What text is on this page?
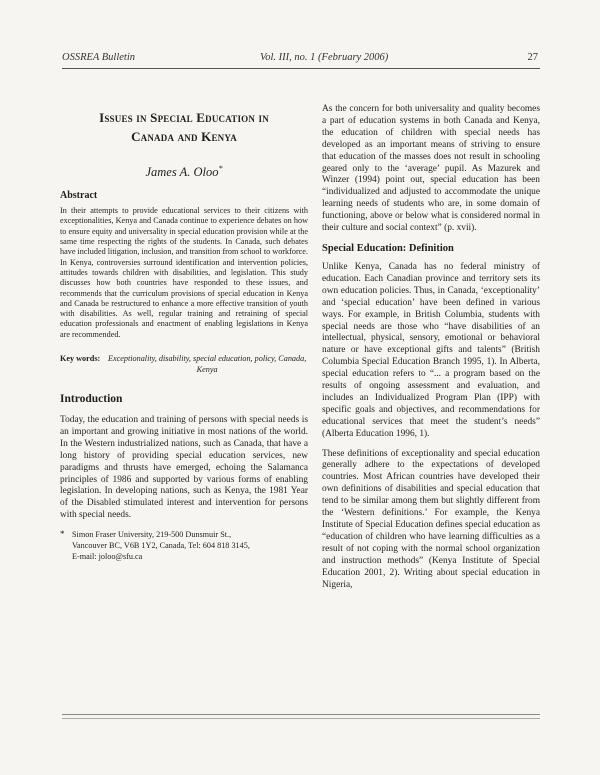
OSSREA Bulletin	Vol. III, no. 1 (February 2006)	27
Issues in Special Education in
Canada and Kenya
James A. Oloo*
Abstract

In their attempts to provide educational services to their citizens with exceptionalities, Kenya and Canada continue to experience debates on how to ensure equity and universality in special education provision while at the same time respecting the rights of the students. In Canada, such debates have included litigation, inclusion, and transition from school to workforce. In Kenya, controversies surround identification and intervention policies, attitudes towards children with disabilities, and legislation. This study discusses how both countries have responded to these issues, and recommends that the curriculum provisions of special education in Kenya and Canada be restructured to enhance a more effective transition of youth with disabilities. As well, regular training and retraining of special education professionals and enactment of enabling legislations in Kenya are recommended.

Key words: Exceptionality, disability, special education, policy, Canada, Kenya
Introduction

Today, the education and training of persons with special needs is an important and growing initiative in most nations of the world. In the Western industrialized nations, such as Canada, that have a long history of providing special education services, new paradigms and thrusts have emerged, echoing the Salamanca principles of 1986 and supported by various forms of enabling legislation. In developing nations, such as Kenya, the 1981 Year of the Disabled stimulated interest and intervention for persons with special needs.

* Simon Fraser University, 219-500 Dunsmuir St.,
Vancouver BC, V6B 1Y2, Canada, Tel: 604 818 3145,
E-mail: joloo@sfu.ca

As the concern for both universality and quality becomes a part of education systems in both Canada and Kenya, the education of children with special needs has developed as an important means of striving to ensure that education of the masses does not result in schooling geared only to the ‘average’ pupil. As Mazurek and Winzer (1994) point out, special education has been “individualized and adjusted to accommodate the unique learning needs of students who are, in some domain of functioning, above or below what is considered normal in their culture and social context” (p. xvii).

Special Education: Definition

Unlike Kenya, Canada has no federal ministry of education. Each Canadian province and territory sets its own education policies. Thus, in Canada, ‘exceptionality’ and ‘special education’ have been defined in various ways. For example, in British Columbia, students with special needs are those who “have disabilities of an intellectual, physical, sensory, emotional or behavioral nature or have exceptional gifts and talents” (British Columbia Special Education Branch 1995, 1). In Alberta, special education refers to “... a program based on the results of ongoing assessment and evaluation, and includes an Individualized Program Plan (IPP) with specific goals and objectives, and recommendations for educational services that meet the student’s needs” (Alberta Education 1996, 1).

These definitions of exceptionality and special education generally adhere to the expectations of developed countries. Most African countries have developed their own definitions of disabilities and special education that tend to be similar among them but slightly different from the ‘Western definitions.’ For example, the Kenya Institute of Special Education defines special education as “education of children who have learning difficulties as a result of not coping with the normal school organization and instruction methods” (Kenya Institute of Special Education 2001, 2). Writing about special education in Nigeria,
